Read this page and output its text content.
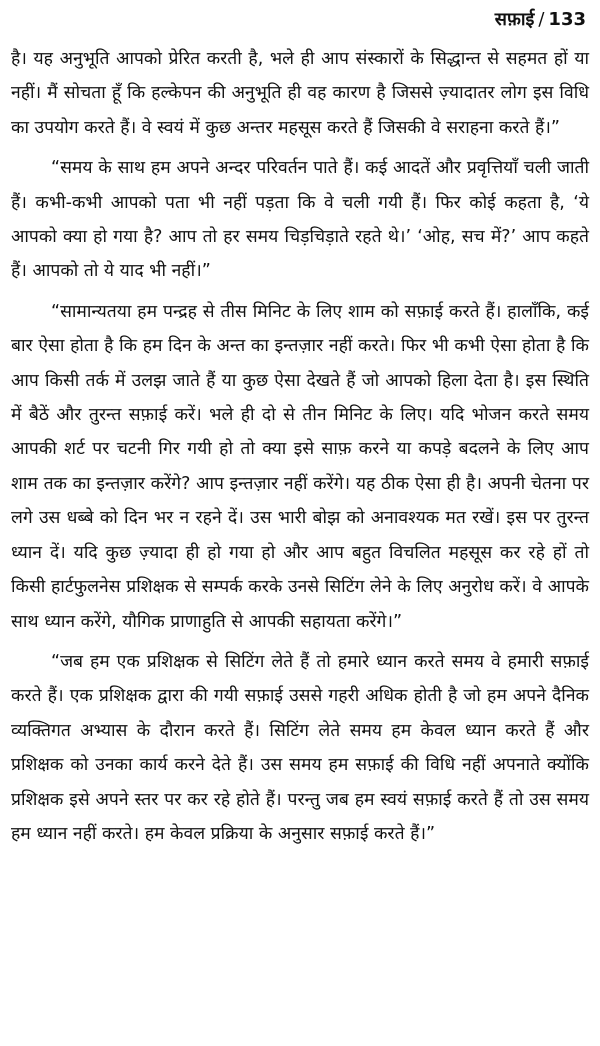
सफ़ाई / 133

है। यह अनुभूति आपको प्रेरित करती है, भले ही आप संस्कारों के सिद्धान्त से सहमत हों या नहीं। मैं सोचता हूँ कि हल्केपन की अनुभूति ही वह कारण है जिससे ज़्यादातर लोग इस विधि का उपयोग करते हैं। वे स्वयं में कुछ अन्तर महसूस करते हैं जिसकी वे सराहना करते हैं।”

“समय के साथ हम अपने अन्दर परिवर्तन पाते हैं। कई आदतें और प्रवृत्तियाँ चली जाती हैं। कभी-कभी आपको पता भी नहीं पड़ता कि वे चली गयी हैं। फिर कोई कहता है, ‘ये आपको क्या हो गया है? आप तो हर समय चिड़चिड़ाते रहते थे।’ ‘ओह, सच में?’ आप कहते हैं। आपको तो ये याद भी नहीं।”

“सामान्यतया हम पन्द्रह से तीस मिनिट के लिए शाम को सफ़ाई करते हैं। हालाँकि, कई बार ऐसा होता है कि हम दिन के अन्त का इन्तज़ार नहीं करते। फिर भी कभी ऐसा होता है कि आप किसी तर्क में उलझ जाते हैं या कुछ ऐसा देखते हैं जो आपको हिला देता है। इस स्थिति में बैठें और तुरन्त सफ़ाई करें। भले ही दो से तीन मिनिट के लिए। यदि भोजन करते समय आपकी शर्ट पर चटनी गिर गयी हो तो क्या इसे साफ़ करने या कपड़े बदलने के लिए आप शाम तक का इन्तज़ार करेंगे? आप इन्तज़ार नहीं करेंगे। यह ठीक ऐसा ही है। अपनी चेतना पर लगे उस धब्बे को दिन भर न रहने दें। उस भारी बोझ को अनावश्यक मत रखें। इस पर तुरन्त ध्यान दें। यदि कुछ ज़्यादा ही हो गया हो और आप बहुत विचलित महसूस कर रहे हों तो किसी हार्टफुलनेस प्रशिक्षक से सम्पर्क करके उनसे सिटिंग लेने के लिए अनुरोध करें। वे आपके साथ ध्यान करेंगे, यौगिक प्राणाहुति से आपकी सहायता करेंगे।”

“जब हम एक प्रशिक्षक से सिटिंग लेते हैं तो हमारे ध्यान करते समय वे हमारी सफ़ाई करते हैं। एक प्रशिक्षक द्वारा की गयी सफ़ाई उससे गहरी अधिक होती है जो हम अपने दैनिक व्यक्तिगत अभ्यास के दौरान करते हैं। सिटिंग लेते समय हम केवल ध्यान करते हैं और प्रशिक्षक को उनका कार्य करने देते हैं। उस समय हम सफ़ाई की विधि नहीं अपनाते क्योंकि प्रशिक्षक इसे अपने स्तर पर कर रहे होते हैं। परन्तु जब हम स्वयं सफ़ाई करते हैं तो उस समय हम ध्यान नहीं करते। हम केवल प्रक्रिया के अनुसार सफ़ाई करते हैं।”
